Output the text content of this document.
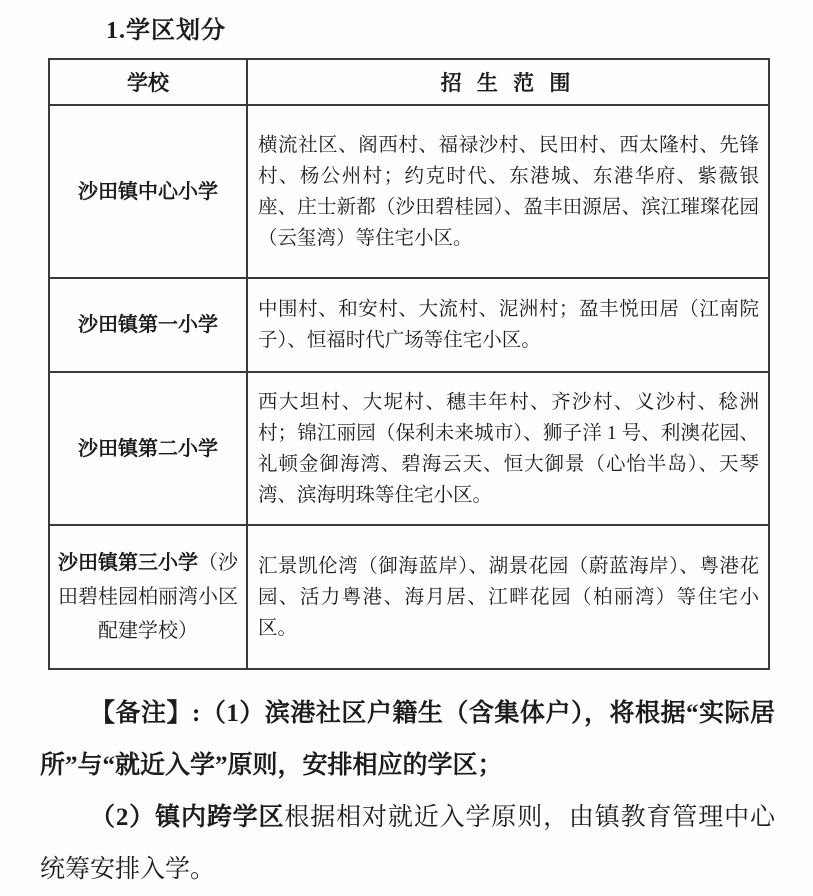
1.学区划分
学校	招 生 范 围
沙田镇中心小学	横流社区、阁西村、福禄沙村、民田村、西太隆村、先锋村、杨公州村；约克时代、东港城、东港华府、紫薇银座、庄士新都（沙田碧桂园）、盈丰田源居、滨江璀璨花园（云玺湾）等住宅小区。
沙田镇第一小学	中围村、和安村、大流村、泥洲村；盈丰悦田居（江南院子）、恒福时代广场等住宅小区。
沙田镇第二小学	西大坦村、大坭村、穗丰年村、齐沙村、义沙村、稔洲村；锦江丽园（保利未来城市）、狮子洋 1 号、利澳花园、礼顿金御海湾、碧海云天、恒大御景（心怡半岛）、天琴湾、滨海明珠等住宅小区。
沙田镇第三小学（沙田碧桂园柏丽湾小区配建学校）	汇景凯伦湾（御海蓝岸）、湖景花园（蔚蓝海岸）、粤港花园、活力粤港、海月居、江畔花园（柏丽湾）等住宅小区。

【备注】:（1）滨港社区户籍生（含集体户），将根据“实际居所”与“就近入学”原则，安排相应的学区；

（2）镇内跨学区根据相对就近入学原则，由镇教育管理中心统筹安排入学。
